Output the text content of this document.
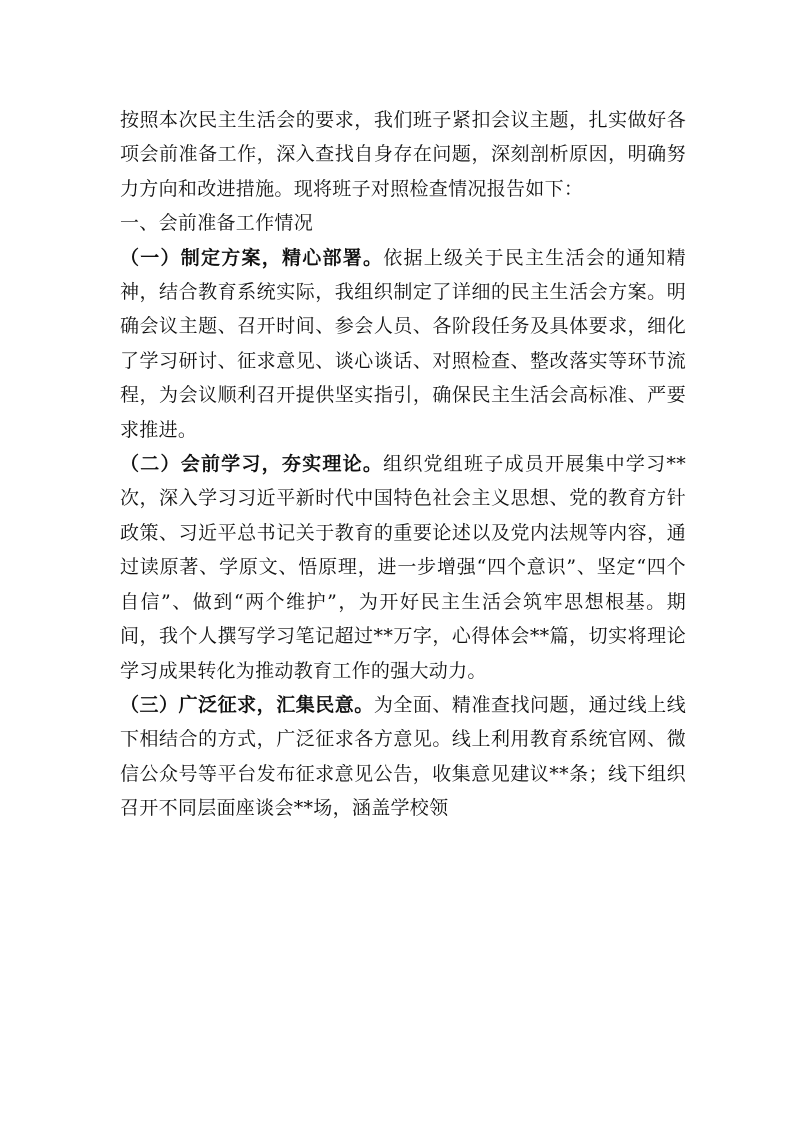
按照本次民主生活会的要求，我们班子紧扣会议主题，扎实做好各项会前准备工作，深入查找自身存在问题，深刻剖析原因，明确努力方向和改进措施。现将班子对照检查情况报告如下：

一、会前准备工作情况

（一）制定方案，精心部署。依据上级关于民主生活会的通知精神，结合教育系统实际，我组织制定了详细的民主生活会方案。明确会议主题、召开时间、参会人员、各阶段任务及具体要求，细化了学习研讨、征求意见、谈心谈话、对照检查、整改落实等环节流程，为会议顺利召开提供坚实指引，确保民主生活会高标准、严要求推进。

（二）会前学习，夯实理论。组织党组班子成员开展集中学习**次，深入学习习近平新时代中国特色社会主义思想、党的教育方针政策、习近平总书记关于教育的重要论述以及党内法规等内容，通过读原著、学原文、悟原理，进一步增强“四个意识”、坚定“四个自信”、做到“两个维护”，为开好民主生活会筑牢思想根基。期间，我个人撰写学习笔记超过**万字，心得体会**篇，切实将理论学习成果转化为推动教育工作的强大动力。

（三）广泛征求，汇集民意。为全面、精准查找问题，通过线上线下相结合的方式，广泛征求各方意见。线上利用教育系统官网、微信公众号等平台发布征求意见公告，收集意见建议**条；线下组织召开不同层面座谈会**场，涵盖学校领
